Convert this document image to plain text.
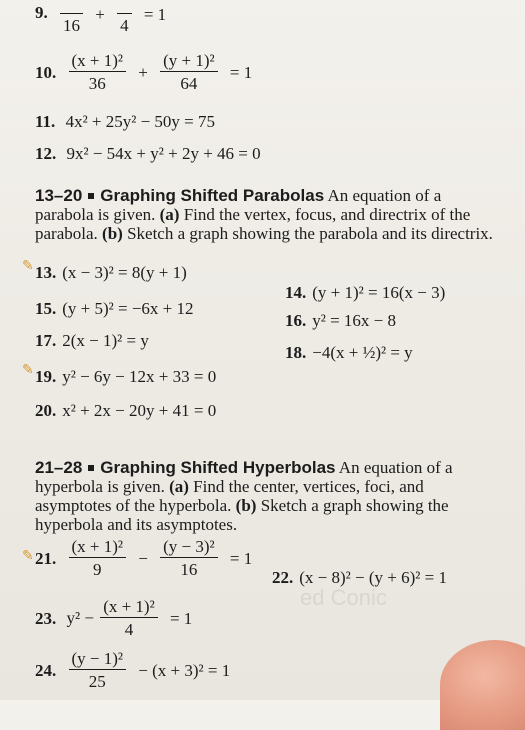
ed Conic
9.

16
+

4
= 1
10. $\frac{\text{(x + 1)²}}{36} + \frac{\text{(y + 1)²}}{64} = 1$
11. 4x² + 25y² − 50y = 75
12. 9x² − 54x + y² + 2y + 46 = 0
13–20 Graphing Shifted Parabolas An equation of a parabola is given. (a) Find the vertex, focus, and directrix of the parabola. (b) Sketch a graph showing the parabola and its directrix.
✎
✎
✎
13. (x − 3)² = 8(y + 1)
14. (y + 1)² = 16(x − 3)
15. (y + 5)² = −6x + 12
16. y² = 16x − 8
17. 2(x − 1)² = y
18. −4(x + ½)² = y
19. y² − 6y − 12x + 33 = 0
20. x² + 2x − 20y + 41 = 0
21–28 Graphing Shifted Hyperbolas An equation of a hyperbola is given. (a) Find the center, vertices, foci, and asymptotes of the hyperbola. (b) Sketch a graph showing the hyperbola and its asymptotes.
21. $\frac{\text{(x + 1)²}}{9} - \frac{\text{(y − 3)²}}{16} = 1$
22. (x − 8)² − (y + 6)² = 1
23. $y^2 - \frac{\text{(x + 1)²}}{4} = 1$
24. $\frac{\text{(y − 1)²}}{25} - (x + 3)^2 = 1$
